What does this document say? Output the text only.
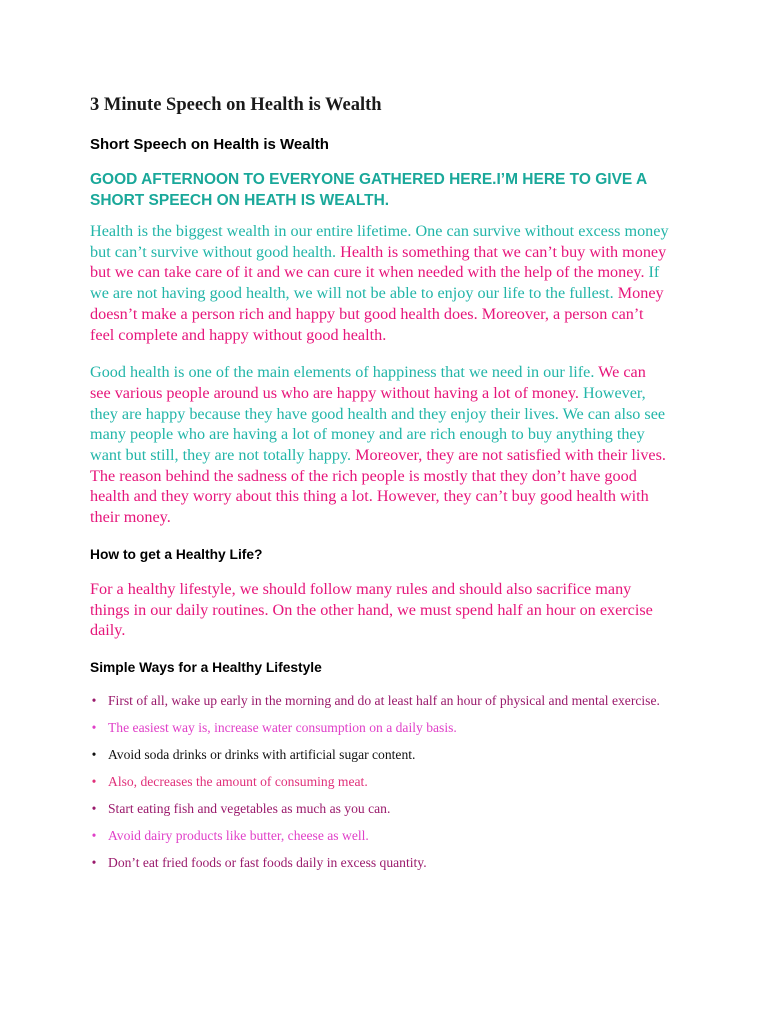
3 Minute Speech on Health is Wealth
Short Speech on Health is Wealth
GOOD AFTERNOON TO EVERYONE GATHERED HERE.I’M HERE TO GIVE A SHORT SPEECH ON HEATH IS WEALTH.

Health is the biggest wealth in our entire lifetime. One can survive without excess money but can’t survive without good health. Health is something that we can’t buy with money but we can take care of it and we can cure it when needed with the help of the money. If we are not having good health, we will not be able to enjoy our life to the fullest. Money doesn’t make a person rich and happy but good health does. Moreover, a person can’t feel complete and happy without good health.

Good health is one of the main elements of happiness that we need in our life. We can see various people around us who are happy without having a lot of money. However, they are happy because they have good health and they enjoy their lives. We can also see many people who are having a lot of money and are rich enough to buy anything they want but still, they are not totally happy. Moreover, they are not satisfied with their lives. The reason behind the sadness of the rich people is mostly that they don’t have good health and they worry about this thing a lot. However, they can’t buy good health with their money.

How to get a Healthy Life?

For a healthy lifestyle, we should follow many rules and should also sacrifice many things in our daily routines. On the other hand, we must spend half an hour on exercise daily.

Simple Ways for a Healthy Lifestyle
• First of all, wake up early in the morning and do at least half an hour of physical and mental exercise.
• The easiest way is, increase water consumption on a daily basis.
• Avoid soda drinks or drinks with artificial sugar content.
• Also, decreases the amount of consuming meat.
• Start eating fish and vegetables as much as you can.
• Avoid dairy products like butter, cheese as well.
• Don’t eat fried foods or fast foods daily in excess quantity.
